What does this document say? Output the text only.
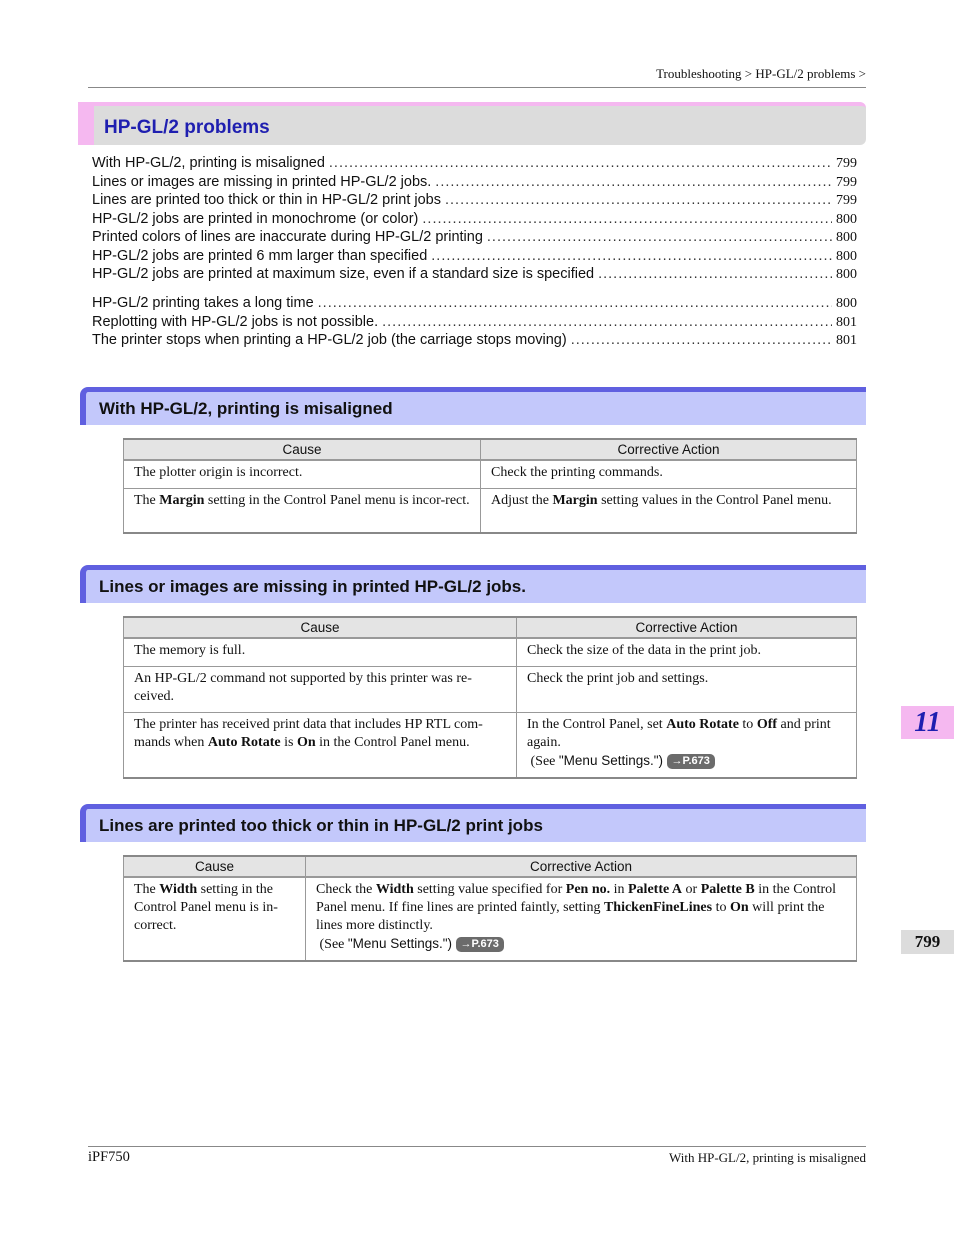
Troubleshooting > HP-GL/2 problems >
HP-GL/2 problems
With HP-GL/2, printing is misaligned .....	799
Lines or images are missing in printed HP-GL/2 jobs. .....	799
Lines are printed too thick or thin in HP-GL/2 print jobs .....	799
HP-GL/2 jobs are printed in monochrome (or color) .....	800
Printed colors of lines are inaccurate during HP-GL/2 printing .....	800
HP-GL/2 jobs are printed 6 mm larger than specified .....	800
HP-GL/2 jobs are printed at maximum size, even if a standard size is specified .....	800
HP-GL/2 printing takes a long time .....	800
Replotting with HP-GL/2 jobs is not possible. .....	801
The printer stops when printing a HP-GL/2 job (the carriage stops moving) .....	801
With HP-GL/2, printing is misaligned
Cause	Corrective Action
The plotter origin is incorrect.	Check the printing commands.
The Margin setting in the Control Panel menu is incor-rect.	Adjust the Margin setting values in the Control Panel menu.
Lines or images are missing in printed HP-GL/2 jobs.
Cause	Corrective Action
The memory is full.	Check the size of the data in the print job.
An HP-GL/2 command not supported by this printer was re-ceived.	Check the print job and settings.
The printer has received print data that includes HP RTL com-mands when Auto Rotate is On in the Control Panel menu.	In the Control Panel, set Auto Rotate to Off and print again.
(See "Menu Settings.") →P.673
Lines are printed too thick or thin in HP-GL/2 print jobs
Cause	Corrective Action
The Width setting in the Control Panel menu is in-correct.	Check the Width setting value specified for Pen no. in Palette A or Palette B in the Control Panel menu. If fine lines are printed faintly, setting ThickenFineLines to On will print the lines more distinctly.
(See "Menu Settings.") →P.673
11
799
iPF750	With HP-GL/2, printing is misaligned
